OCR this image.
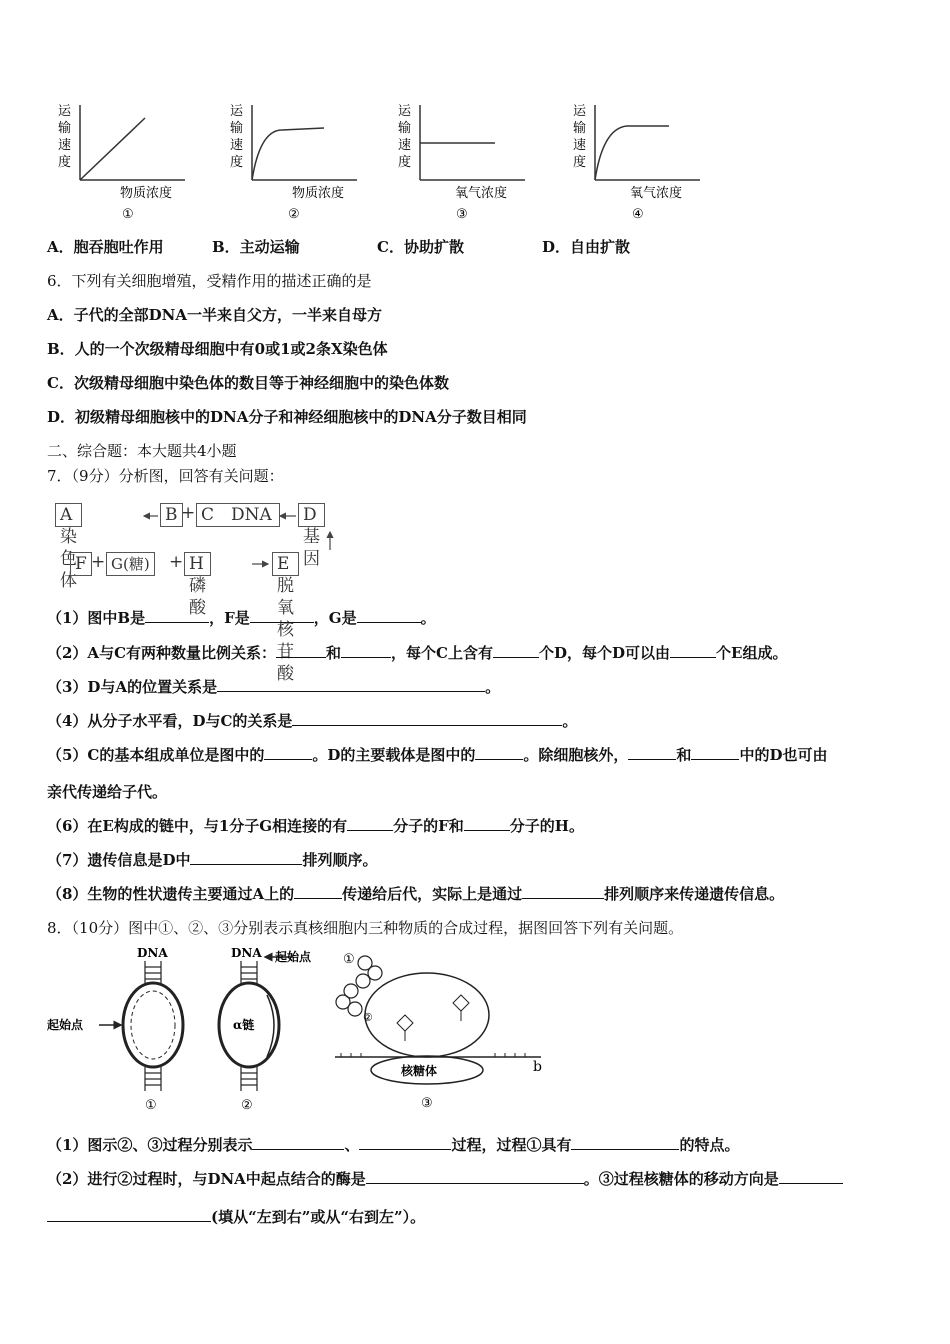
运
输
速
度
物质浓度
①
运
输
速
度
物质浓度
②
运
输
速
度
氧气浓度
③
运
输
速
度
氧气浓度
④
A．胞吞胞吐作用	B．主动运输	C．协助扩散	D．自由扩散
6．下列有关细胞增殖，受精作用的描述正确的是
A．子代的全部DNA一半来自父方，一半来自母方
B．人的一个次级精母细胞中有0或1或2条X染色体
C．次级精母细胞中染色体的数目等于神经细胞中的染色体数
D．初级精母细胞核中的DNA分子和神经细胞核中的DNA分子数目相同
二、综合题：本大题共4小题
7．（9分）分析图，回答有关问题：
A 染色体
B + C　DNA	D 基因
F + G(糖) + H 磷酸
E 脱氧核苷酸
（1）图中B是	，F是	，G是	。
（2）A与C有两种数量比例关系：	和	，每个C上含有	个D，每个D可以由	个E组成。
（3）D与A的位置关系是	。
（4）从分子水平看，D与C的关系是	。
（5）C的基本组成单位是图中的	。D的主要载体是图中的	。除细胞核外，	和	中的D也可由
亲代传递给子代。
（6）在E构成的链中，与1分子G相连接的有	分子的F和	分子的H。
（7）遗传信息是D中	排列顺序。
（8）生物的性状遗传主要通过A上的	传递给后代，实际上是通过	排列顺序来传递遗传信息。
8．（10分）图中①、②、③分别表示真核细胞内三种物质的合成过程，据图回答下列有关问题。
DNA
起始点
①
DNA
α链
起始点
②
①
核糖体
②
b
③
（1）图示②、③过程分别表示	、	过程，过程①具有	的特点。
（2）进行②过程时，与DNA中起点结合的酶是	。③过程核糖体的移动方向是
(填从“左到右”或从“右到左”）。
